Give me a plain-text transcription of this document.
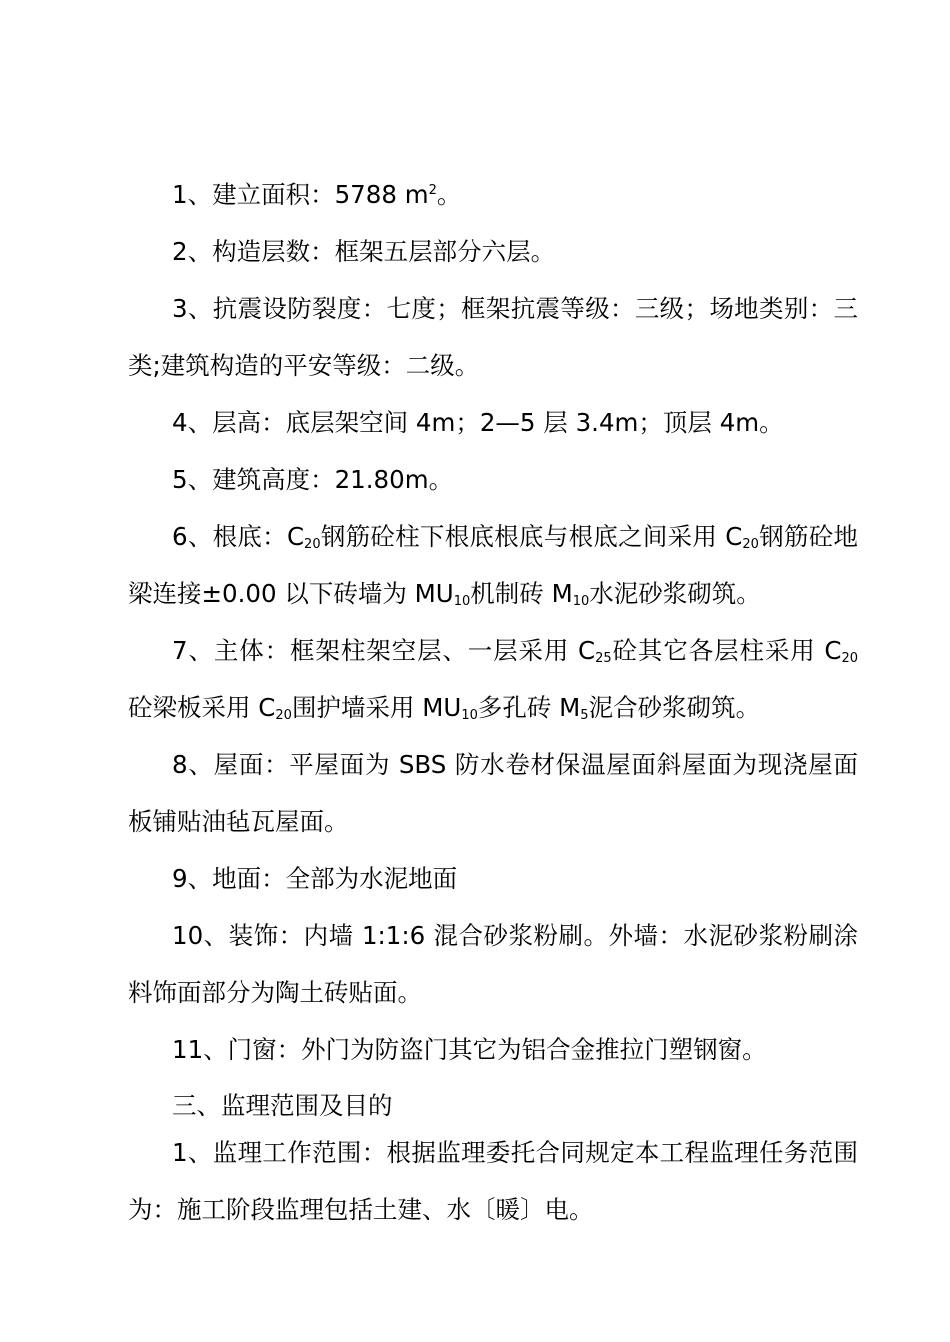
1、建立面积：5788 $m^2$。

2、构造层数：框架五层部分六层。

3、抗震设防裂度：七度；框架抗震等级：三级；场地类别：三类;建筑构造的平安等级：二级。

4、层高：底层架空间 4m；2—5 层 3.4m；顶层 4m。

5、建筑高度：21.80m。

6、根底：$C_{20}$钢筋砼柱下根底根底与根底之间采用 $C_{20}$钢筋砼地梁连接±0.00 以下砖墙为 $MU_{10}$机制砖 $M_{10}$水泥砂浆砌筑。

7、主体：框架柱架空层、一层采用 $C_{25}$砼其它各层柱采用 $C_{20}$砼梁板采用 $C_{20}$围护墙采用 $MU_{10}$多孔砖 $M_5$泥合砂浆砌筑。

8、屋面：平屋面为 SBS 防水卷材保温屋面斜屋面为现浇屋面板铺贴油毡瓦屋面。

9、地面：全部为水泥地面

10、装饰：内墙 1:1:6 混合砂浆粉刷。外墙：水泥砂浆粉刷涂料饰面部分为陶土砖贴面。

11、门窗：外门为防盗门其它为铝合金推拉门塑钢窗。

三、监理范围及目的

1、监理工作范围：根据监理委托合同规定本工程监理任务范围为：施工阶段监理包括土建、水〔暖〕电。
